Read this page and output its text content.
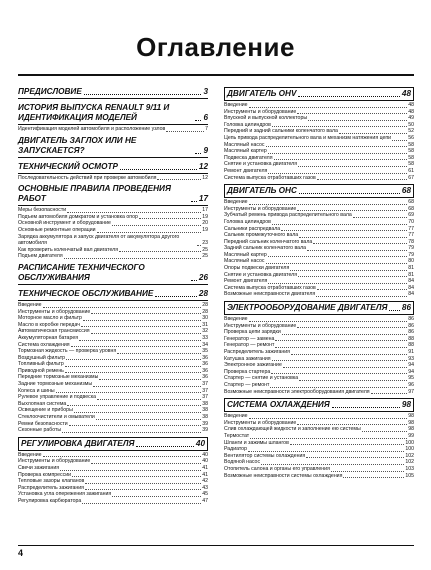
Оглавление
ПРЕДИСЛОВИЕ	3
ИСТОРИЯ ВЫПУСКА RENAULT 9/11 И ИДЕНТИФИКАЦИЯ МОДЕЛЕЙ	6
Идентификация моделей автомобиля и расположение узлов	7
ДВИГАТЕЛЬ ЗАГЛОХ ИЛИ НЕ ЗАПУСКАЕТСЯ?	9
ТЕХНИЧЕСКИЙ ОСМОТР	12
Последовательность действий при проверке автомобиля	12
ОСНОВНЫЕ ПРАВИЛА ПРОВЕДЕНИЯ РАБОТ	17
Меры безопасности	17
Подъем автомобиля домкратом и установка опор	19
Основной инструмент и оборудование	20
Основные ремонтные операции	19
Зарядка аккумулятора и запуск двигателя от аккумулятора другого автомобиля	23
Как проверить коленчатый вал двигателя	25
Подъем двигателя	25
РАСПИСАНИЕ ТЕХНИЧЕСКОГО ОБСЛУЖИВАНИЯ	26
ТЕХНИЧЕСКОЕ ОБСЛУЖИВАНИЕ	28
Введение	28
Инструменты и оборудование	28
Моторное масло и фильтр	30
Масло в коробке передач	31
Автоматическая трансмиссия	32
Аккумуляторная батарея	33
Система охлаждения	34
Тормозная жидкость — проверка уровня	35
Воздушный фильтр	36
Топливный фильтр	36
Приводной ремень	36
Передние тормозные механизмы	36
Задние тормозные механизмы	37
Колеса и шины	37
Рулевое управление и подвеска	37
Выхлопная система	38
Освещение и приборы	38
Стеклоочистители и омыватели	38
Ремни безопасности	39
Сезонные работы	39
РЕГУЛИРОВКА ДВИГАТЕЛЯ	40
Введение	40
Инструменты и оборудование	40
Свечи зажигания	41
Проверка компрессии	41
Тепловые зазоры клапанов	42
Распределитель зажигания	43
Установка угла опережения зажигания	45
Регулировка карбюратора	47
ДВИГАТЕЛЬ OHV	48
Введение	48
Инструменты и оборудование	48
Впускной и выпускной коллекторы	49
Головка цилиндров	50
Передний и задний сальники коленчатого вала	52
Цепь привода распределительного вала и механизм натяжения цепи	56
Масляный насос	58
Масляный картер	58
Подвеска двигателя	58
Снятие и установка двигателя	58
Ремонт двигателя	61
Система выпуска отработавших газов	67
ДВИГАТЕЛЬ OHC	68
Введение	68
Инструменты и оборудование	68
Зубчатый ремень привода распределительного вала	69
Головка цилиндров	70
Сальники распредвала	77
Сальник промежуточного вала	77
Передний сальник коленчатого вала	78
Задний сальник коленчатого вала	79
Масляный картер	79
Масляный насос	80
Опоры подвески двигателя	81
Снятие и установка двигателя	81
Ремонт двигателя	84
Система выпуска отработавших газов	84
Возможные неисправности двигателя	84
ЭЛЕКТРООБОРУДОВАНИЕ ДВИГАТЕЛЯ 86
Введение	86
Инструменты и оборудование	86
Проверка цепи зарядки	86
Генератор — замена	88
Генератор — ремонт	88
Распределитель зажигания	91
Катушка зажигания	93
Электронное зажигание	94
Проверка стартера	94
Стартер — снятие и установка	95
Стартер — ремонт	96
Возможные неисправности электрооборудования двигателя	97
СИСТЕМА ОХЛАЖДЕНИЯ	98
Введение	98
Инструменты и оборудование	98
Слив охлаждающей жидкости и заполнение ею системы	98
Термостат	99
Шланги и зажимы шлангов	100
Радиатор	100
Вентилятор системы охлаждения	102
Водяной насос	102
Отопитель салона и органы его управления	103
Возможные неисправности системы охлаждения	105
4
